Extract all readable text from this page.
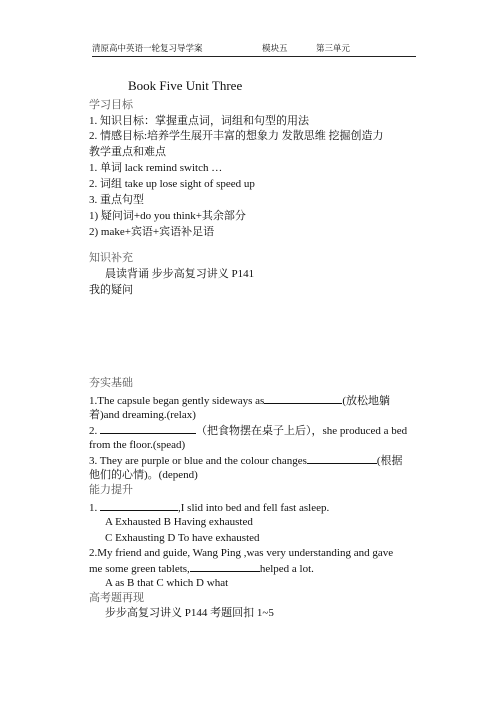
清原高中英语一轮复习导学案	模块五	第三单元
Book Five Unit Three
学习目标
1. 知识目标：掌握重点词，词组和句型的用法
2. 情感目标:培养学生展开丰富的想象力 发散思维 挖掘创造力
教学重点和难点
1. 单词 lack remind switch …
2. 词组 take up lose sight of speed up
3. 重点句型
1) 疑问词+do you think+其余部分
2) make+宾语+宾语补足语
知识补充
晨读背诵 步步高复习讲义 P141
我的疑问
夯实基础
1.The capsule began gently sideways as	(放松地躺
着)and dreaming.(relax)
2.	（把食物摆在桌子上后），she produced a bed
from the floor.(spead)
3. They are purple or blue and the colour changes	(根据
他们的心情)。(depend)
能力提升
1.	,I slid into bed and fell fast asleep.
A Exhausted B Having exhausted
C Exhausting D To have exhausted
2.My friend and guide, Wang Ping ,was very understanding and gave
me some green tablets,	helped a lot.
A as B that C which D what
高考题再现
步步高复习讲义 P144 考题回扣 1~5
